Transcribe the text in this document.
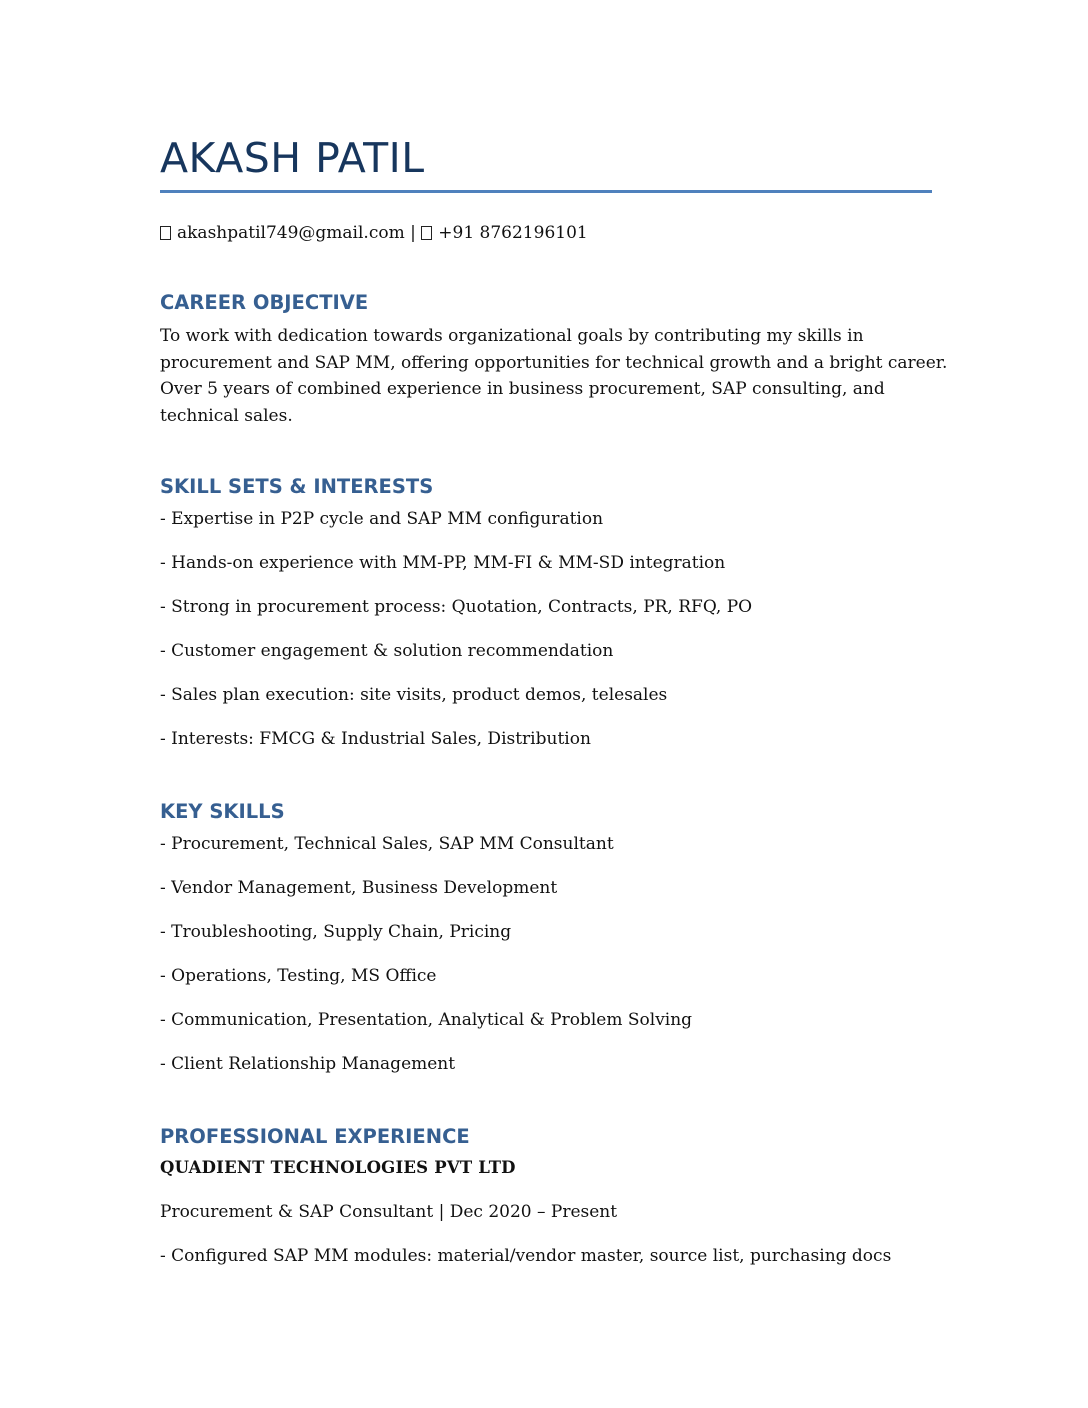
AKASH PATIL
akashpatil749@gmail.com | +91 8762196101
CAREER OBJECTIVE
To work with dedication towards organizational goals by contributing my skills in
procurement and SAP MM, offering opportunities for technical growth and a bright career.
Over 5 years of combined experience in business procurement, SAP consulting, and
technical sales.
SKILL SETS & INTERESTS
- Expertise in P2P cycle and SAP MM configuration
- Hands-on experience with MM-PP, MM-FI & MM-SD integration
- Strong in procurement process: Quotation, Contracts, PR, RFQ, PO
- Customer engagement & solution recommendation
- Sales plan execution: site visits, product demos, telesales
- Interests: FMCG & Industrial Sales, Distribution
KEY SKILLS
- Procurement, Technical Sales, SAP MM Consultant
- Vendor Management, Business Development
- Troubleshooting, Supply Chain, Pricing
- Operations, Testing, MS Office
- Communication, Presentation, Analytical & Problem Solving
- Client Relationship Management
PROFESSIONAL EXPERIENCE
QUADIENT TECHNOLOGIES PVT LTD
Procurement & SAP Consultant | Dec 2020 – Present
- Configured SAP MM modules: material/vendor master, source list, purchasing docs
